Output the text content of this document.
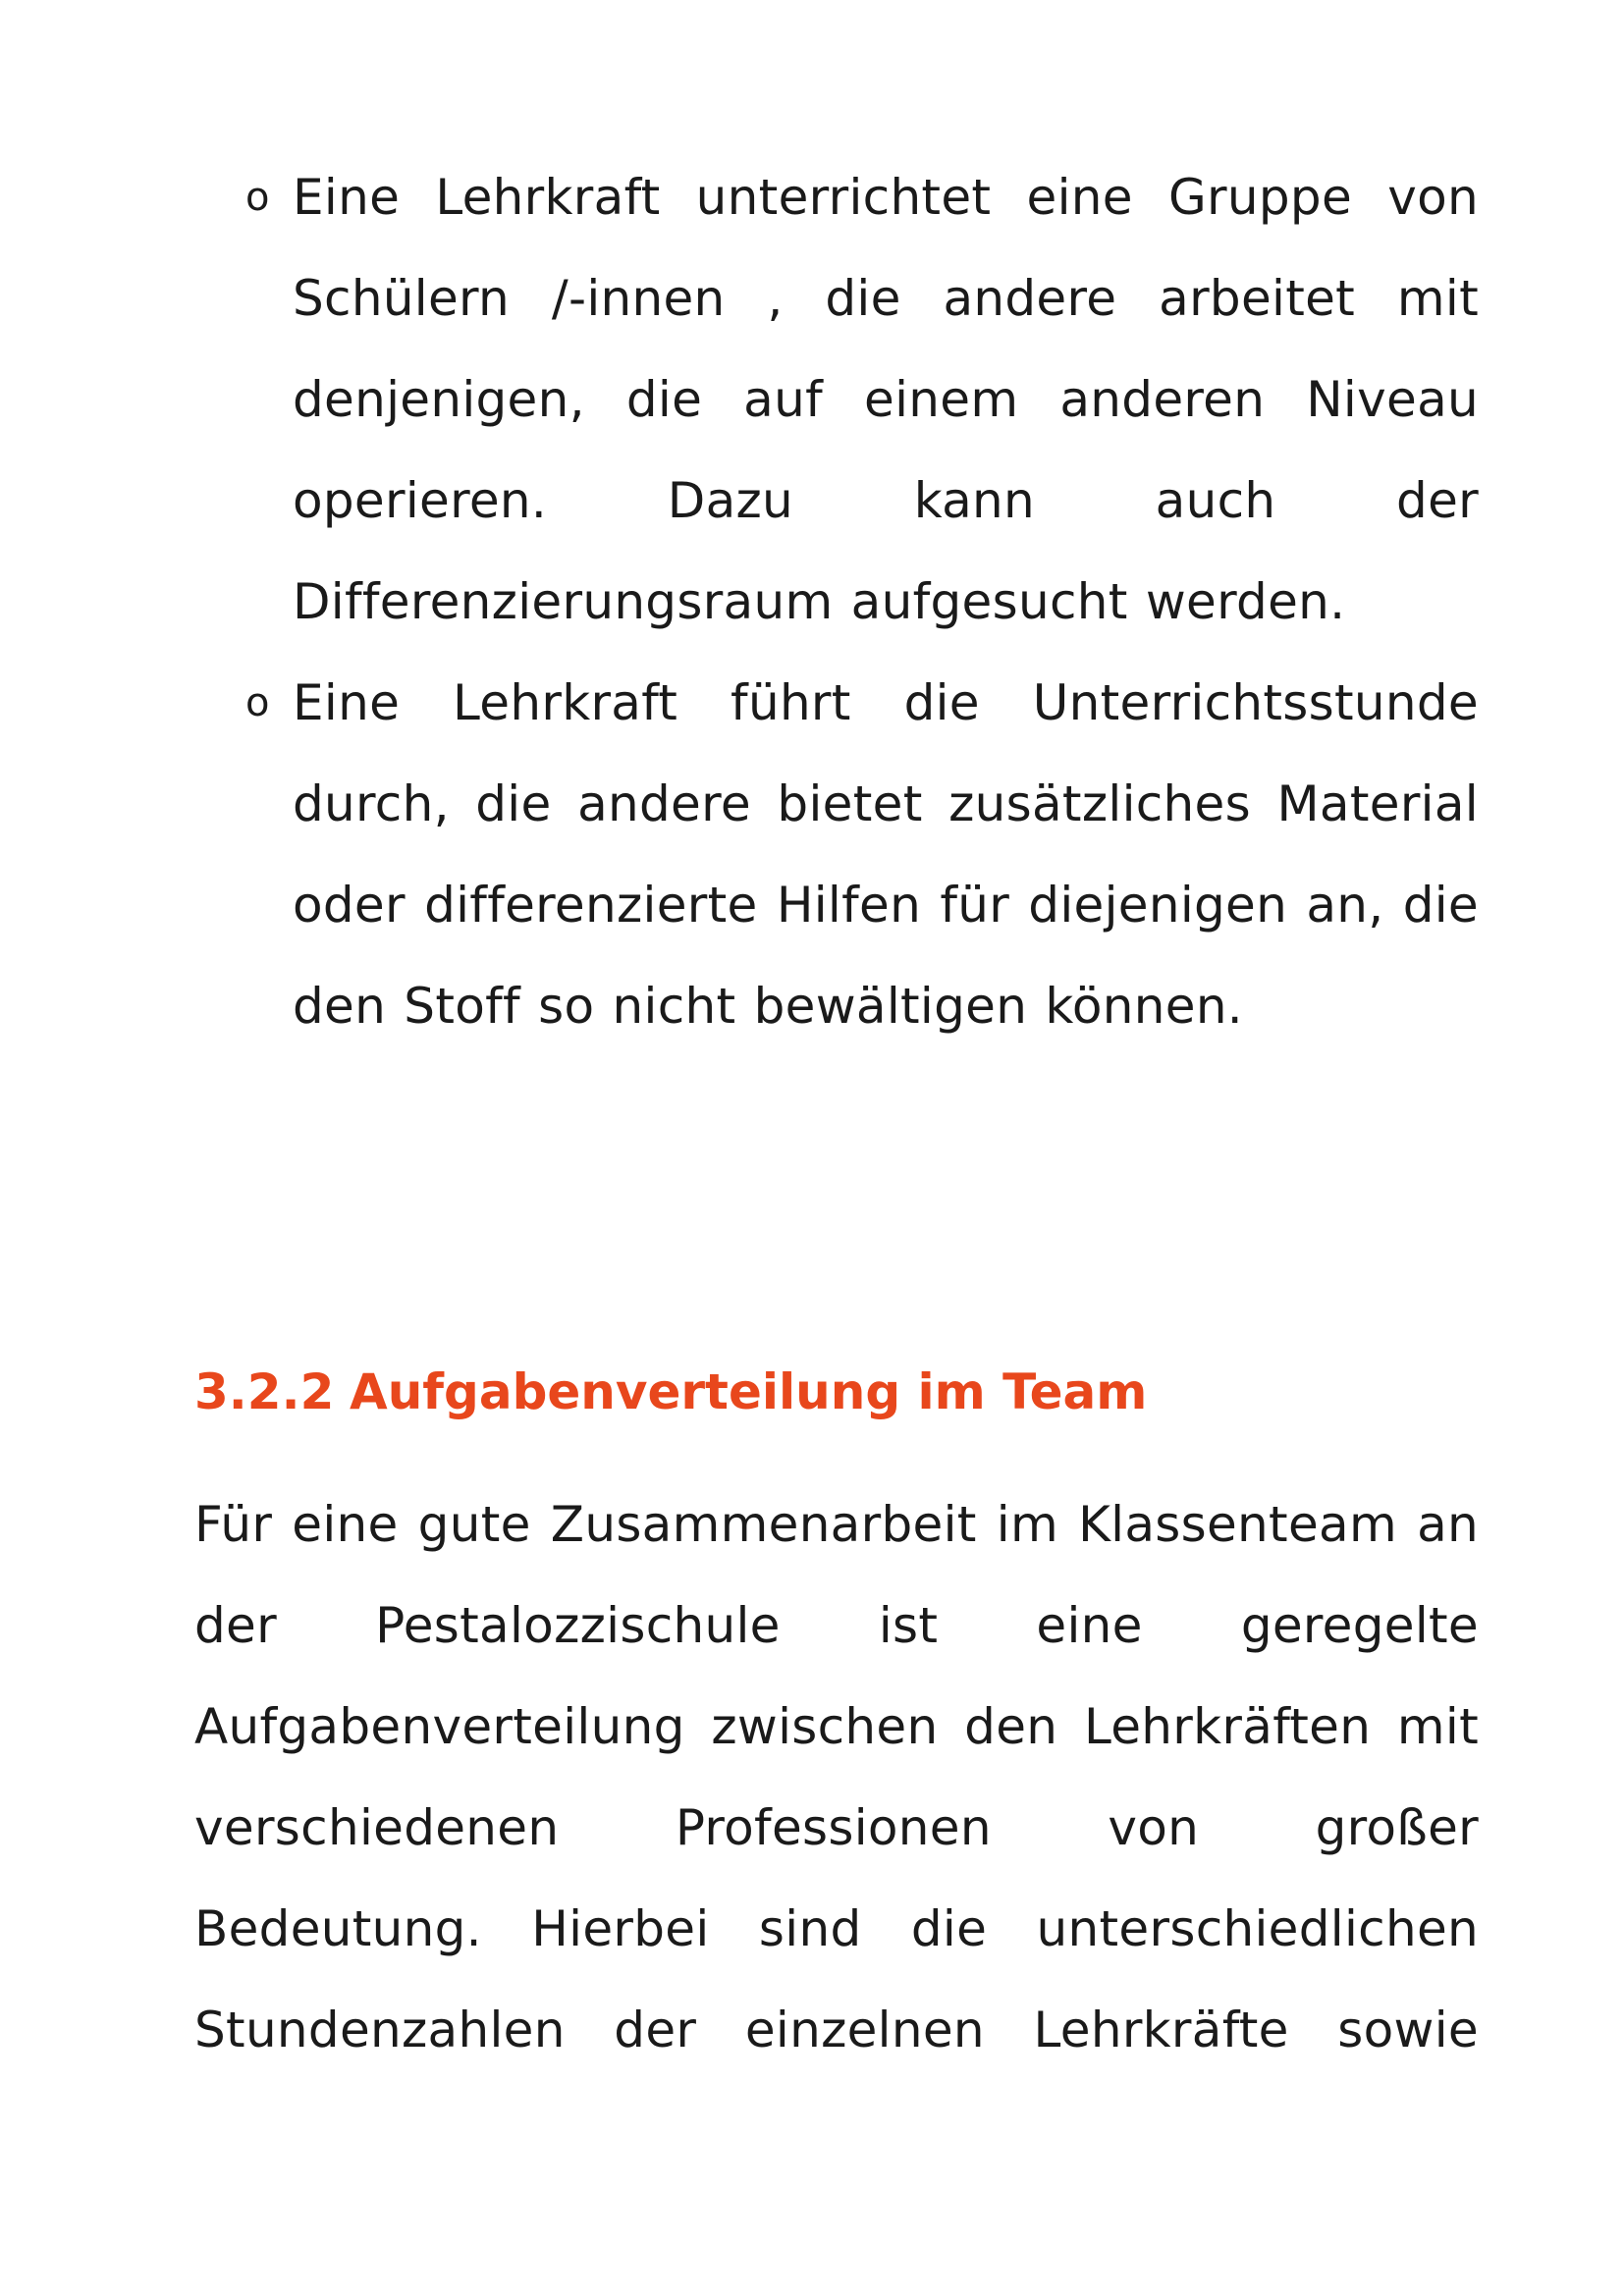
o Eine Lehrkraft unterrichtet eine Gruppe von Schülern /-innen , die andere arbeitet mit denjenigen, die auf einem anderen Niveau operieren. Dazu kann auch der Differenzierungsraum aufgesucht werden.

o Eine Lehrkraft führt die Unterrichtsstunde durch, die andere bietet zusätzliches Material oder differenzierte Hilfen für diejenigen an, die den Stoff so nicht bewältigen können.

3.2.2 Aufgabenverteilung im Team

Für eine gute Zusammenarbeit im Klassenteam an der Pestalozzischule ist eine geregelte Aufgabenverteilung zwischen den Lehrkräften mit verschiedenen Professionen von großer Bedeutung. Hierbei sind die unterschiedlichen Stundenzahlen der einzelnen Lehrkräfte sowie
